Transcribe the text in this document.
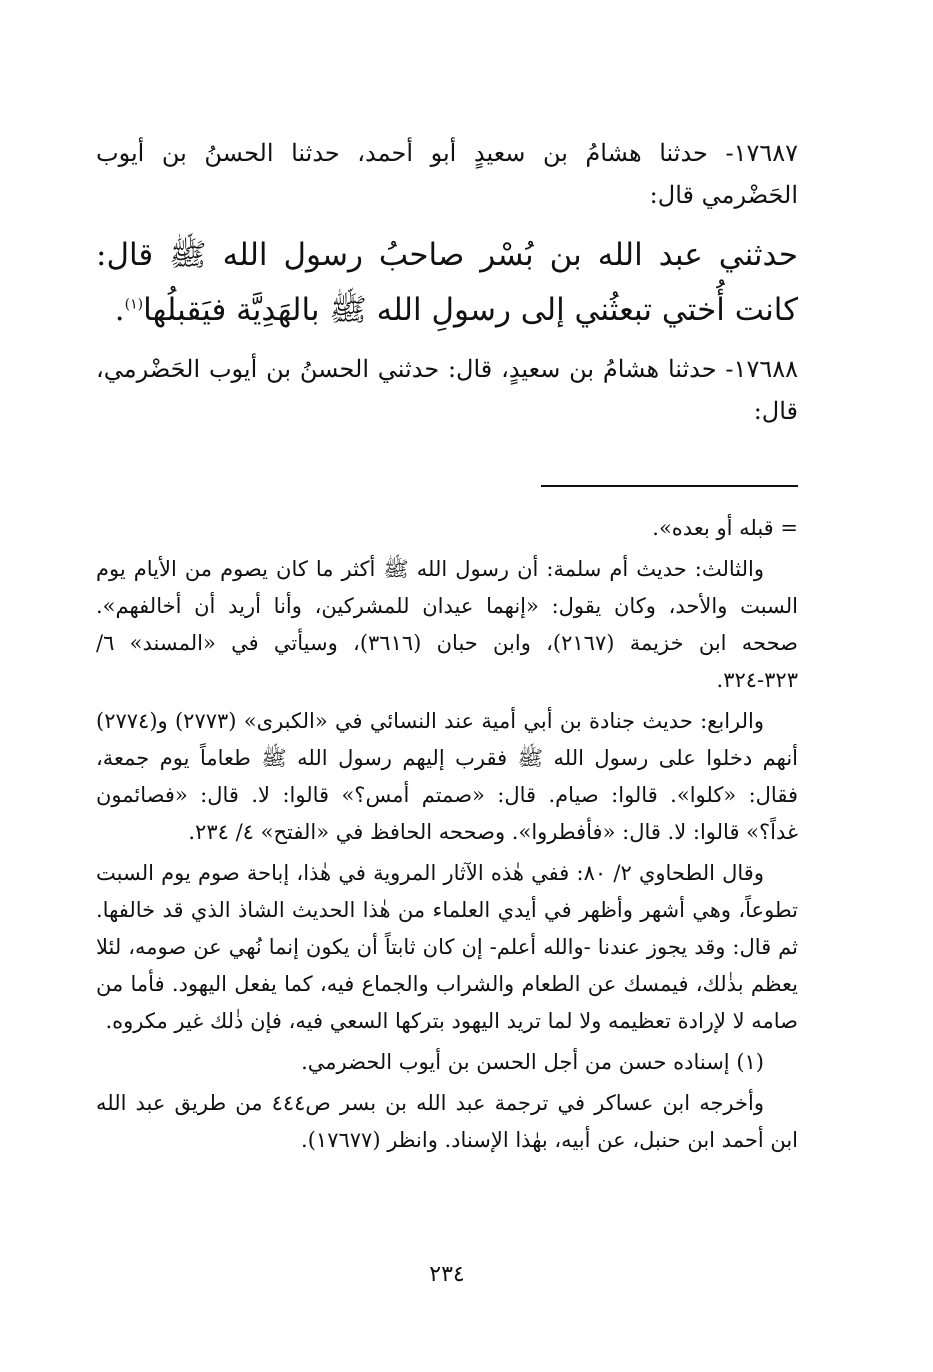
١٧٦٨٧- حدثنا هشامُ بن سعيدٍ أبو أحمد، حدثنا الحسنُ بن أيوب الحَضْرمي قال:

حدثني عبد الله بن بُسْر صاحبُ رسول الله ﷺ قال: كانت أُختي تبعثُني إلى رسولِ الله ﷺ بالهَدِيَّة فيَقبلُها$^{(١)}$.

١٧٦٨٨- حدثنا هشامُ بن سعيدٍ، قال: حدثني الحسنُ بن أيوب الحَضْرمي، قال:

= قبله أو بعده».

والثالث: حديث أم سلمة: أن رسول الله ﷺ أكثر ما كان يصوم من الأيام يوم السبت والأحد، وكان يقول: «إنهما عيدان للمشركين، وأنا أريد أن أخالفهم». صححه ابن خزيمة (٢١٦٧)، وابن حبان (٣٦١٦)، وسيأتي في «المسند» ٦/ ٣٢٣-٣٢٤.

والرابع: حديث جنادة بن أبي أمية عند النسائي في «الكبرى» (٢٧٧٣) و(٢٧٧٤) أنهم دخلوا على رسول الله ﷺ فقرب إليهم رسول الله ﷺ طعاماً يوم جمعة، فقال: «كلوا». قالوا: صيام. قال: «صمتم أمس؟» قالوا: لا. قال: «فصائمون غداً؟» قالوا: لا. قال: «فأفطروا». وصححه الحافظ في «الفتح» ٤/ ٢٣٤.

وقال الطحاوي ٢/ ٨٠: ففي هٰذه الآثار المروية في هٰذا، إباحة صوم يوم السبت تطوعاً، وهي أشهر وأظهر في أيدي العلماء من هٰذا الحديث الشاذ الذي قد خالفها. ثم قال: وقد يجوز عندنا -والله أعلم- إن كان ثابتاً أن يكون إنما نُهي عن صومه، لئلا يعظم بذٰلك، فيمسك عن الطعام والشراب والجماع فيه، كما يفعل اليهود. فأما من صامه لا لإرادة تعظيمه ولا لما تريد اليهود بتركها السعي فيه، فإن ذٰلك غير مكروه.

(١) إسناده حسن من أجل الحسن بن أيوب الحضرمي.

وأخرجه ابن عساكر في ترجمة عبد الله بن بسر ص٤٤٤ من طريق عبد الله ابن أحمد ابن حنبل، عن أبيه، بهٰذا الإسناد. وانظر (١٧٦٧٧).

٢٣٤
